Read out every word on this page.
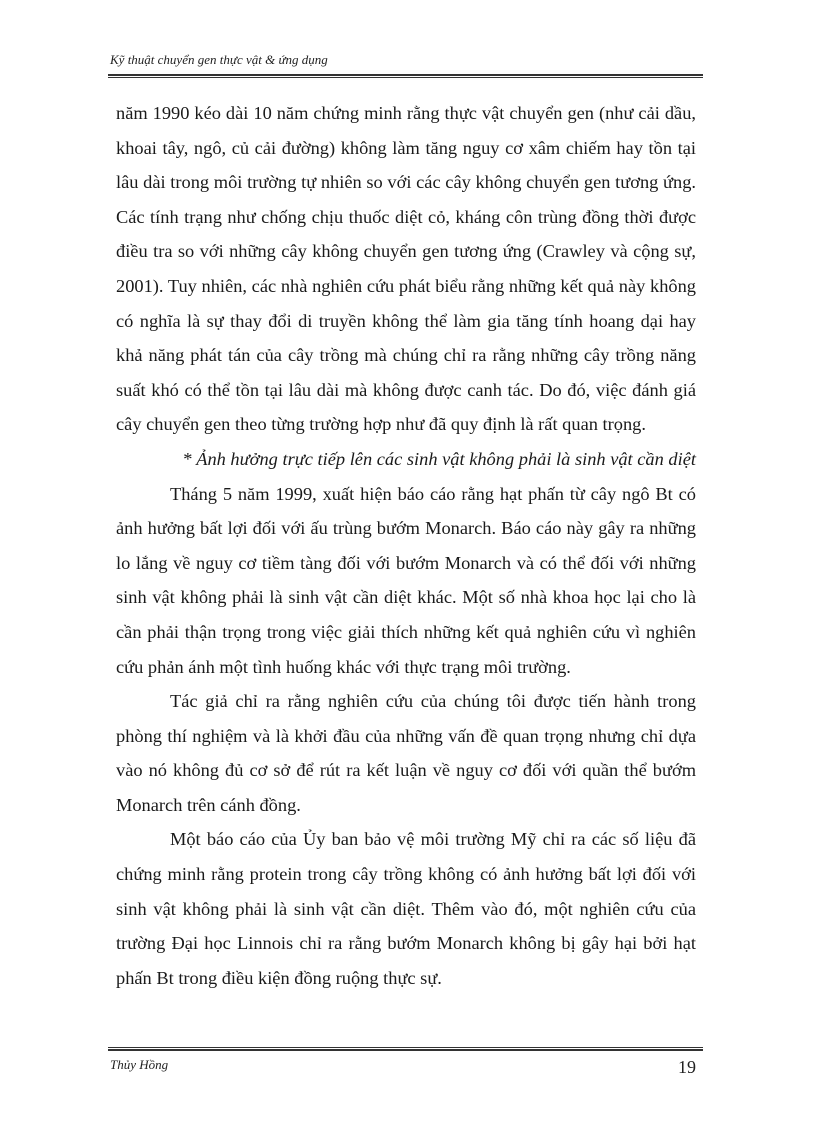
Kỹ thuật chuyển gen thực vật & ứng dụng

năm 1990 kéo dài 10 năm chứng minh rằng thực vật chuyển gen (như cải dầu, khoai tây, ngô, củ cải đường) không làm tăng nguy cơ xâm chiếm hay tồn tại lâu dài trong môi trường tự nhiên so với các cây không chuyển gen tương ứng. Các tính trạng như chống chịu thuốc diệt cỏ, kháng côn trùng đồng thời được điều tra so với những cây không chuyển gen tương ứng (Crawley và cộng sự, 2001). Tuy nhiên, các nhà nghiên cứu phát biểu rằng những kết quả này không có nghĩa là sự thay đổi di truyền không thể làm gia tăng tính hoang dại hay khả năng phát tán của cây trồng mà chúng chỉ ra rằng những cây trồng năng suất khó có thể tồn tại lâu dài mà không được canh tác. Do đó, việc đánh giá cây chuyển gen theo từng trường hợp như đã quy định là rất quan trọng.

* Ảnh hưởng trực tiếp lên các sinh vật không phải là sinh vật cần diệt

Tháng 5 năm 1999, xuất hiện báo cáo rằng hạt phấn từ cây ngô Bt có ảnh hưởng bất lợi đối với ấu trùng bướm Monarch. Báo cáo này gây ra những lo lắng về nguy cơ tiềm tàng đối với bướm Monarch và có thể đối với những sinh vật không phải là sinh vật cần diệt khác. Một số nhà khoa học lại cho là cần phải thận trọng trong việc giải thích những kết quả nghiên cứu vì nghiên cứu phản ánh một tình huống khác với thực trạng môi trường.

Tác giả chỉ ra rằng nghiên cứu của chúng tôi được tiến hành trong phòng thí nghiệm và là khởi đầu của những vấn đề quan trọng nhưng chỉ dựa vào nó không đủ cơ sở để rút ra kết luận về nguy cơ đối với quần thể bướm Monarch trên cánh đồng.

Một báo cáo của Ủy ban bảo vệ môi trường Mỹ chỉ ra các số liệu đã chứng minh rằng protein trong cây trồng không có ảnh hưởng bất lợi đối với sinh vật không phải là sinh vật cần diệt. Thêm vào đó, một nghiên cứu của trường Đại học Linnois chỉ ra rằng bướm Monarch không bị gây hại bởi hạt phấn Bt trong điều kiện đồng ruộng thực sự.

Thủy Hồng	19
